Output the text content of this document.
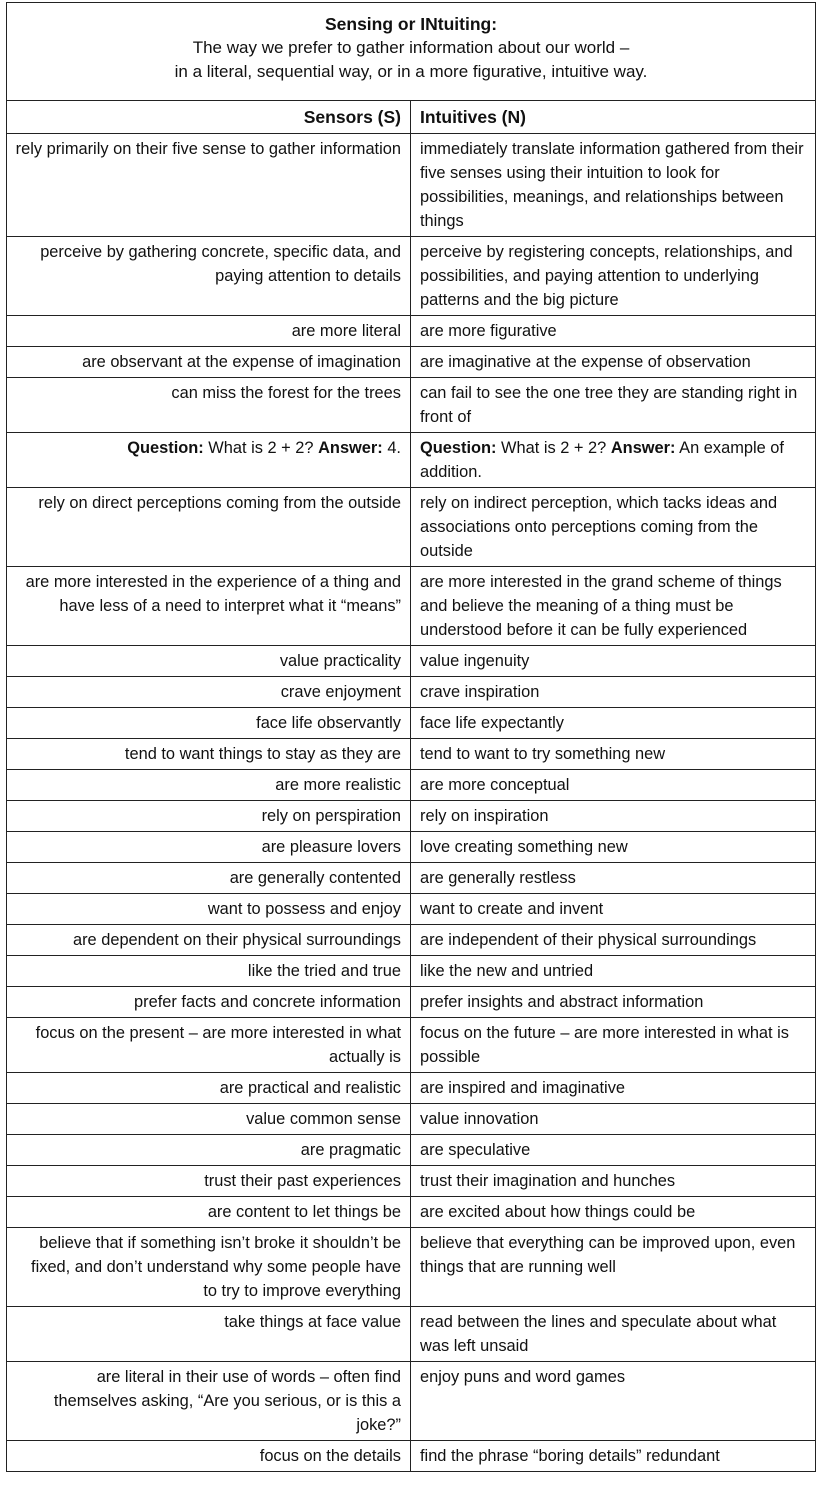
Sensing or INtuiting:
The way we prefer to gather information about our world –
in a literal, sequential way, or in a more figurative, intuitive way.	

Sensors (S)	Intuitives (N)
rely primarily on their five sense to gather information	immediately translate information gathered from their five senses using their intuition to look for possibilities, meanings, and relationships between things
perceive by gathering concrete, specific data, and paying attention to details	perceive by registering concepts, relationships, and possibilities, and paying attention to underlying patterns and the big picture
are more literal	are more figurative
are observant at the expense of imagination	are imaginative at the expense of observation
can miss the forest for the trees	can fail to see the one tree they are standing right in front of
Question: What is 2 + 2? Answer: 4.	Question: What is 2 + 2? Answer: An example of addition.
rely on direct perceptions coming from the outside	rely on indirect perception, which tacks ideas and associations onto perceptions coming from the outside
are more interested in the experience of a thing and have less of a need to interpret what it “means”	are more interested in the grand scheme of things and believe the meaning of a thing must be understood before it can be fully experienced
value practicality	value ingenuity
crave enjoyment	crave inspiration
face life observantly	face life expectantly
tend to want things to stay as they are	tend to want to try something new
are more realistic	are more conceptual
rely on perspiration	rely on inspiration
are pleasure lovers	love creating something new
are generally contented	are generally restless
want to possess and enjoy	want to create and invent
are dependent on their physical surroundings	are independent of their physical surroundings
like the tried and true	like the new and untried
prefer facts and concrete information	prefer insights and abstract information
focus on the present – are more interested in what actually is	focus on the future – are more interested in what is possible
are practical and realistic	are inspired and imaginative
value common sense	value innovation
are pragmatic	are speculative
trust their past experiences	trust their imagination and hunches
are content to let things be	are excited about how things could be
believe that if something isn’t broke it shouldn’t be fixed, and don’t understand why some people have to try to improve everything	believe that everything can be improved upon, even things that are running well
take things at face value	read between the lines and speculate about what was left unsaid
are literal in their use of words – often find themselves asking, “Are you serious, or is this a joke?”	enjoy puns and word games
focus on the details	find the phrase “boring details” redundant
